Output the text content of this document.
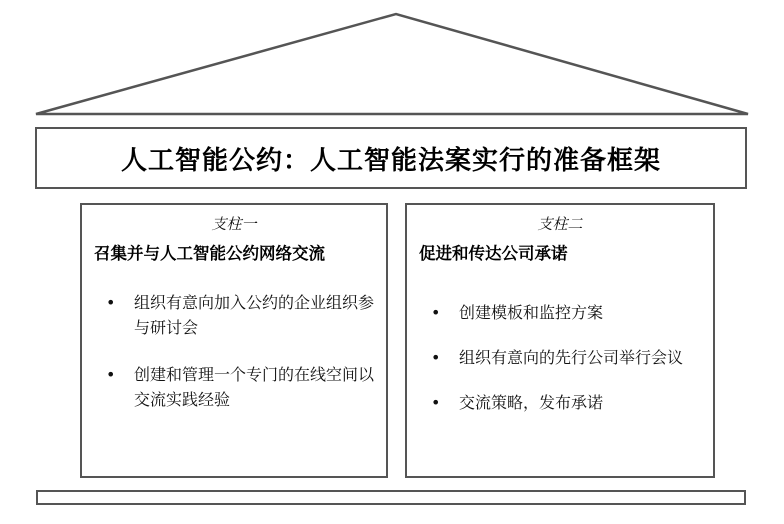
人工智能公约：人工智能法案实行的准备框架
支柱一
召集并与人工智能公约网络交流
• 组织有意向加入公约的企业组织参与研讨会
• 创建和管理一个专门的在线空间以交流实践经验
支柱二
促进和传达公司承诺
• 创建模板和监控方案
• 组织有意向的先行公司举行会议
• 交流策略，发布承诺
